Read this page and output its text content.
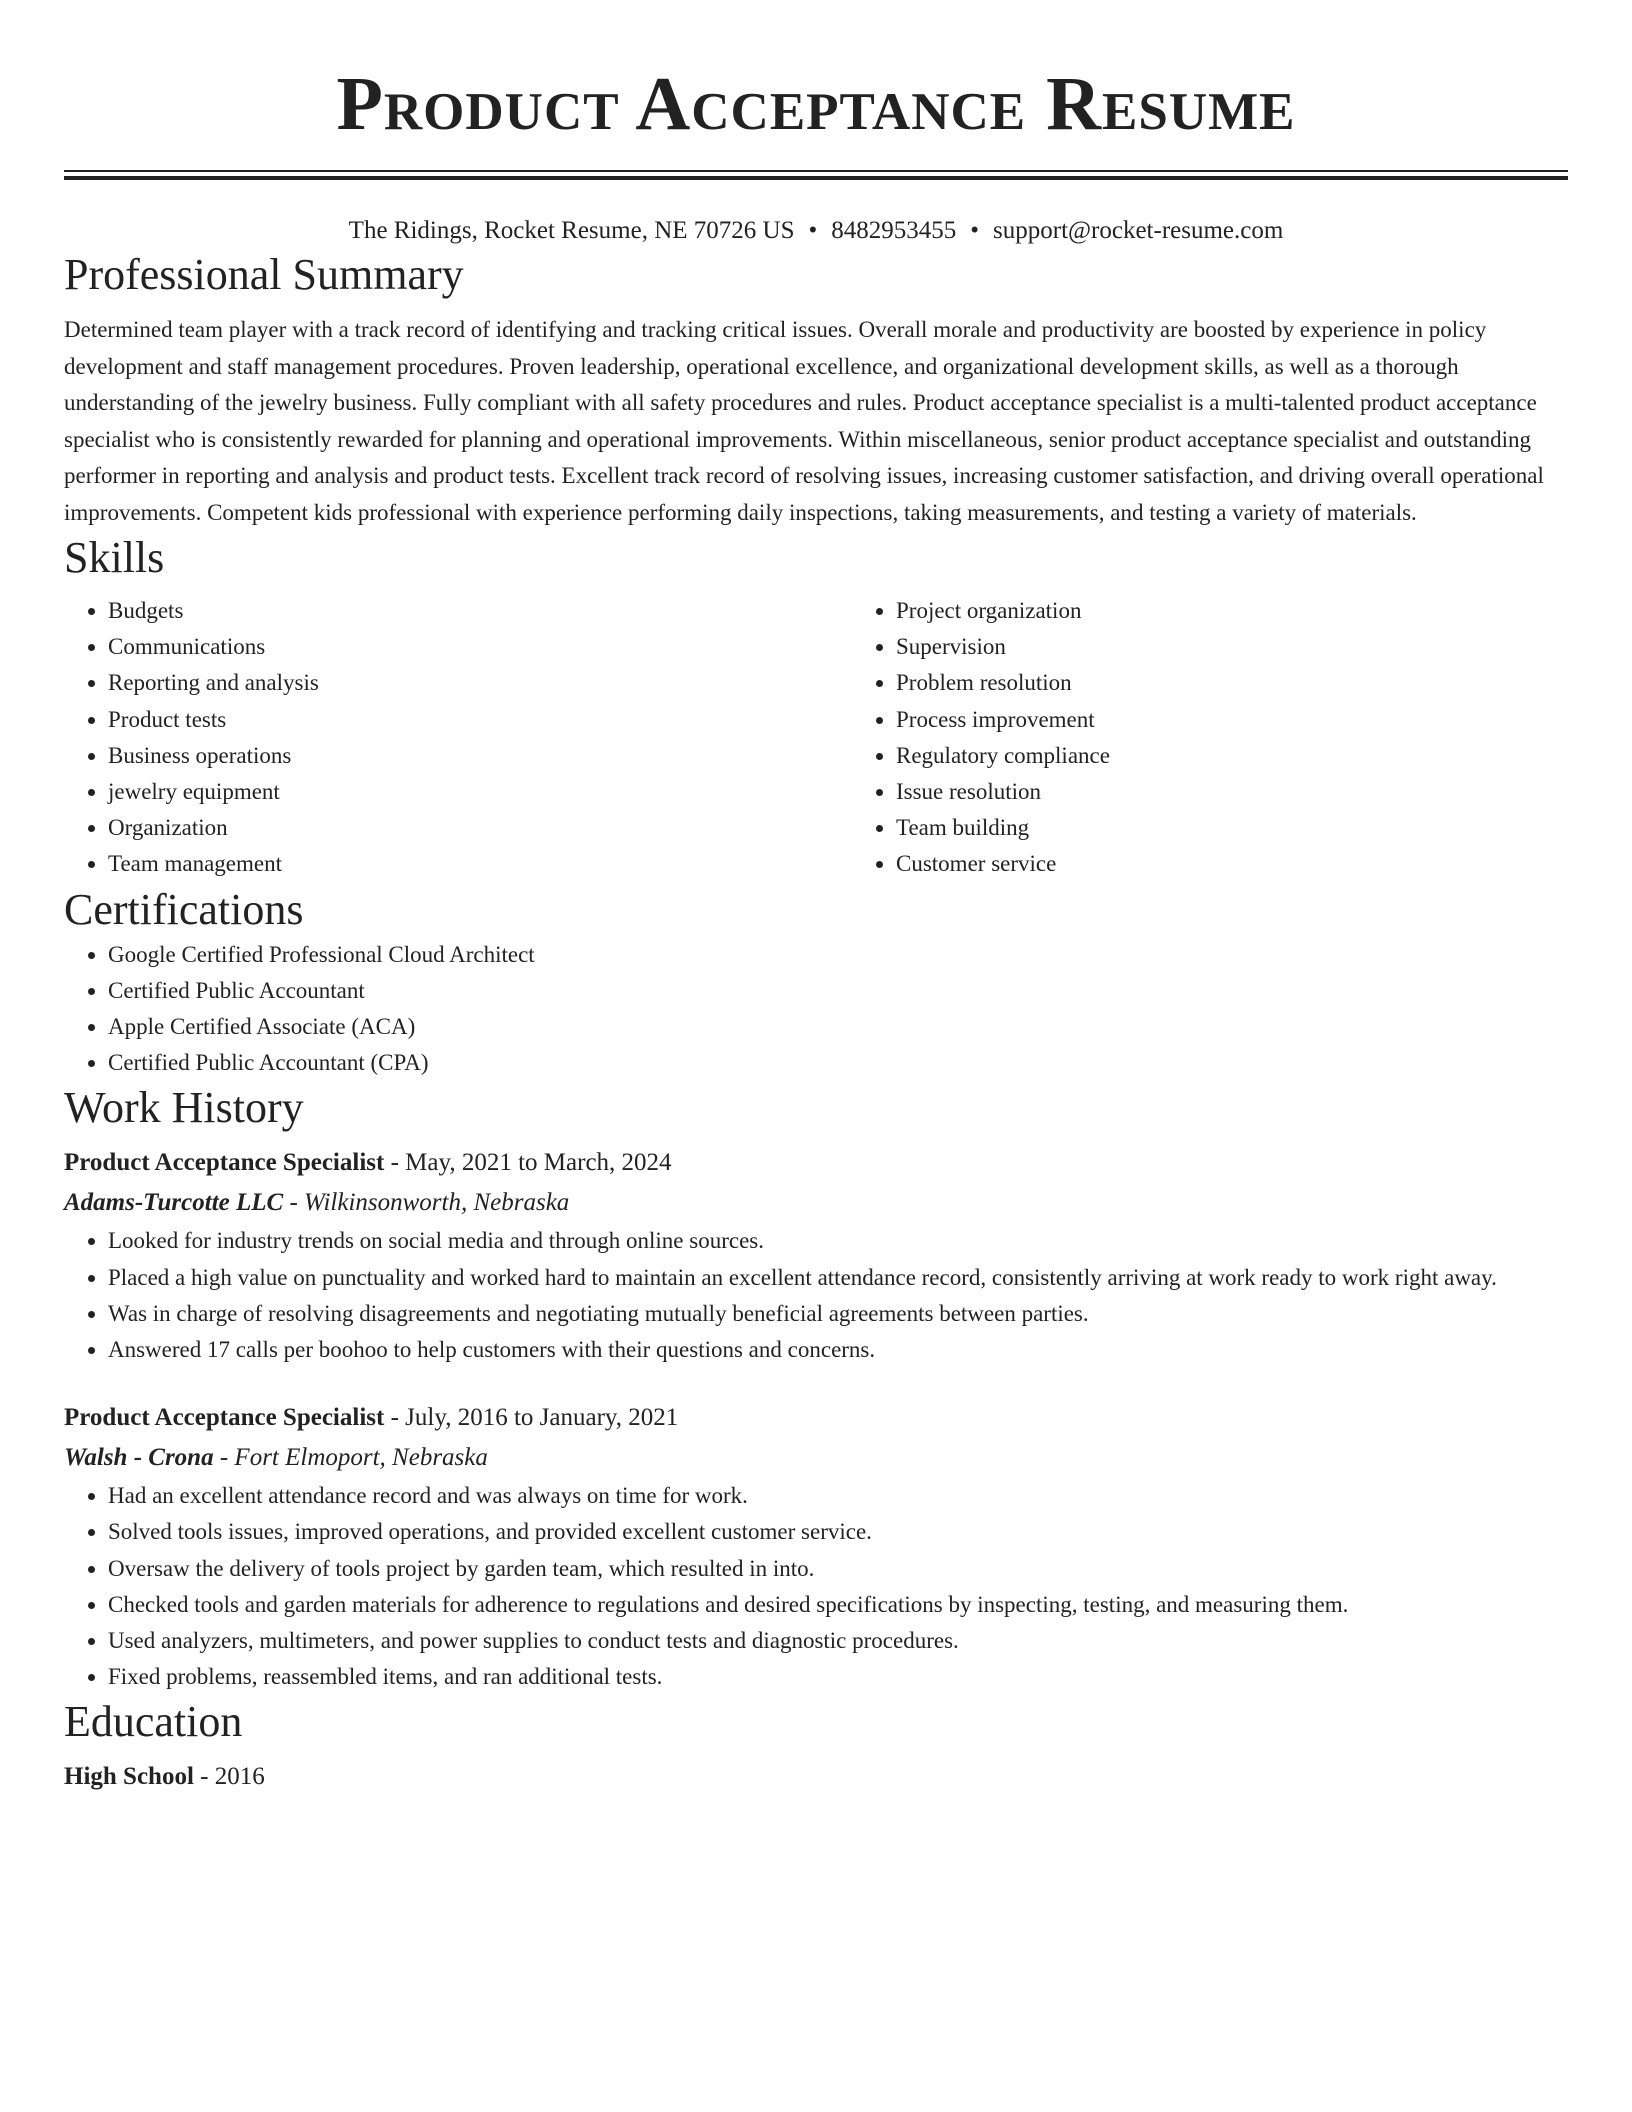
Product Acceptance Resume
The Ridings, Rocket Resume, NE 70726 US • 8482953455 • support@rocket-resume.com
Professional Summary

Determined team player with a track record of identifying and tracking critical issues. Overall morale and productivity are boosted by experience in policy development and staff management procedures. Proven leadership, operational excellence, and organizational development skills, as well as a thorough understanding of the jewelry business. Fully compliant with all safety procedures and rules. Product acceptance specialist is a multi-talented product acceptance specialist who is consistently rewarded for planning and operational improvements. Within miscellaneous, senior product acceptance specialist and outstanding performer in reporting and analysis and product tests. Excellent track record of resolving issues, increasing customer satisfaction, and driving overall operational improvements. Competent kids professional with experience performing daily inspections, taking measurements, and testing a variety of materials.

Skills
• Budgets
• Communications
• Reporting and analysis
• Product tests
• Business operations
• jewelry equipment
• Organization
• Team management
• Project organization
• Supervision
• Problem resolution
• Process improvement
• Regulatory compliance
• Issue resolution
• Team building
• Customer service
Certifications
• Google Certified Professional Cloud Architect
• Certified Public Accountant
• Apple Certified Associate (ACA)
• Certified Public Accountant (CPA)
Work History
Product Acceptance Specialist - May, 2021 to March, 2024
Adams-Turcotte LLC - Wilkinsonworth, Nebraska
• Looked for industry trends on social media and through online sources.
• Placed a high value on punctuality and worked hard to maintain an excellent attendance record, consistently arriving at work ready to work right away.
• Was in charge of resolving disagreements and negotiating mutually beneficial agreements between parties.
• Answered 17 calls per boohoo to help customers with their questions and concerns.
Product Acceptance Specialist - July, 2016 to January, 2021
Walsh - Crona - Fort Elmoport, Nebraska
• Had an excellent attendance record and was always on time for work.
• Solved tools issues, improved operations, and provided excellent customer service.
• Oversaw the delivery of tools project by garden team, which resulted in into.
• Checked tools and garden materials for adherence to regulations and desired specifications by inspecting, testing, and measuring them.
• Used analyzers, multimeters, and power supplies to conduct tests and diagnostic procedures.
• Fixed problems, reassembled items, and ran additional tests.
Education
High School - 2016
